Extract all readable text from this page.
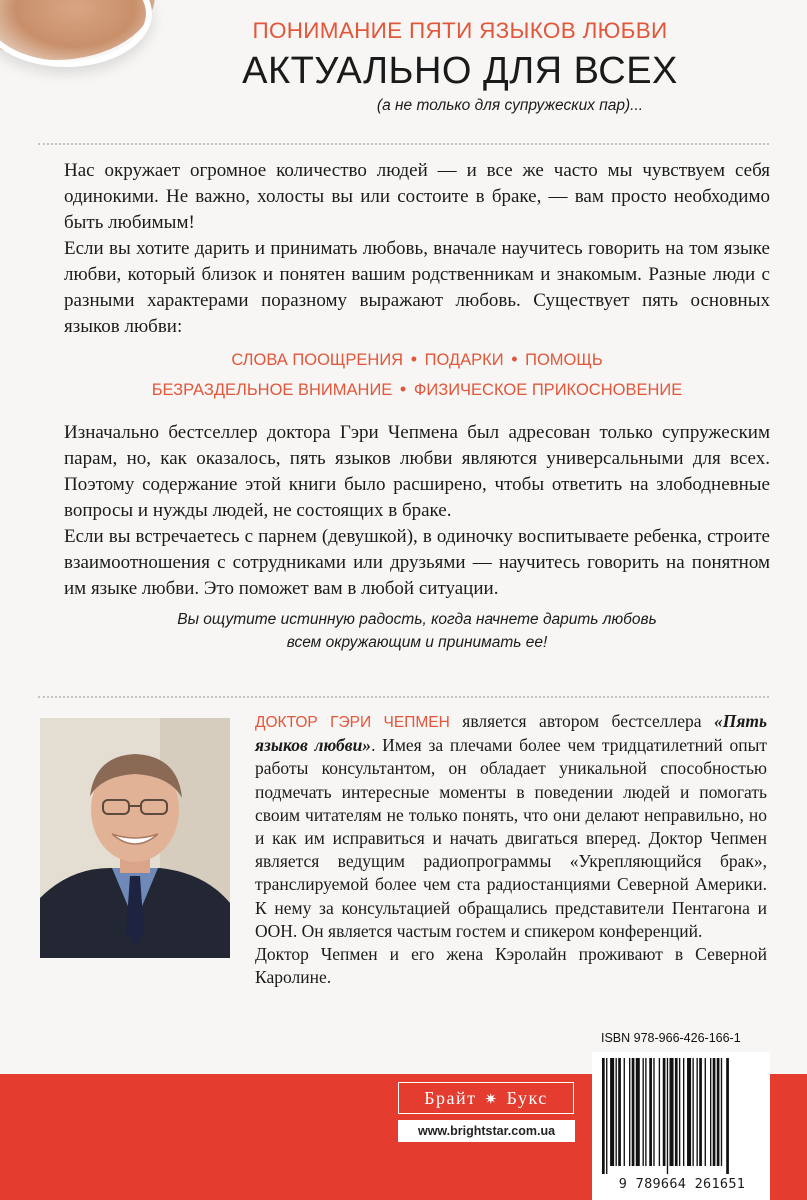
ПОНИМАНИЕ ПЯТИ ЯЗЫКОВ ЛЮБВИ

АКТУАЛЬНО ДЛЯ ВСЕХ

(а не только для супружеских пар)...

Нас окружает огромное количество людей — и все же часто мы чувствуем себя одинокими. Не важно, холосты вы или состоите в браке, — вам просто необходимо быть любимым!

Если вы хотите дарить и принимать любовь, вначале научитесь говорить на том языке любви, который близок и понятен вашим родственникам и знакомым. Разные люди с разными характерами поразному выражают любовь. Существует пять основных языков любви:

СЛОВА ПООЩРЕНИЯ • ПОДАРКИ • ПОМОЩЬ
БЕЗРАЗДЕЛЬНОЕ ВНИМАНИЕ • ФИЗИЧЕСКОЕ ПРИКОСНОВЕНИЕ

Изначально бестселлер доктора Гэри Чепмена был адресован только супружеским парам, но, как оказалось, пять языков любви являются универсальными для всех. Поэтому содержание этой книги было расширено, чтобы ответить на злободневные вопросы и нужды людей, не состоящих в браке.

Если вы встречаетесь с парнем (девушкой), в одиночку воспитываете ребенка, строите взаимоотношения с сотрудниками или друзьями — научитесь говорить на понятном им языке любви. Это поможет вам в любой ситуации.

Вы ощутите истинную радость, когда начнете дарить любовь
всем окружающим и принимать ее!

ДОКТОР ГЭРИ ЧЕПМЕН является автором бестселлера «Пять языков любви». Имея за плечами более чем тридцатилетний опыт работы консультантом, он обладает уникальной способностью подмечать интересные моменты в поведении людей и помогать своим читателям не только понять, что они делают неправильно, но и как им исправиться и начать двигаться вперед. Доктор Чепмен является ведущим радиопрограммы «Укрепляющийся брак», транслируемой более чем ста радиостанциями Северной Америки. К нему за консультацией обращались представители Пентагона и ООН. Он является частым гостем и спикером конференций.

Доктор Чепмен и его жена Кэролайн проживают в Северной Каролине.

ISBN 978-966-426-166-1
Брайт ✷ Букс
www.brightstar.com.ua
9 789664 261651
